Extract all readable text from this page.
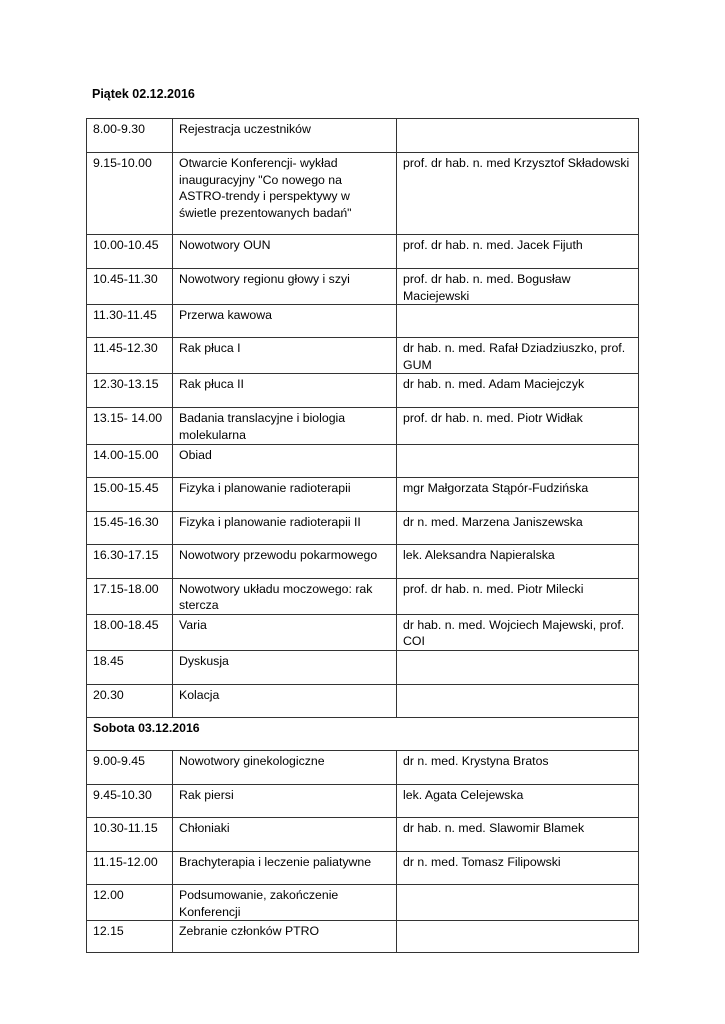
Piątek 02.12.2016
8.00-9.30	Rejestracja uczestników	
9.15-10.00	Otwarcie Konferencji- wykład inauguracyjny "Co nowego na ASTRO-trendy i perspektywy w świetle prezentowanych badań"	prof. dr hab. n. med Krzysztof Składowski
10.00-10.45	Nowotwory OUN	prof. dr hab. n. med. Jacek Fijuth
10.45-11.30	Nowotwory regionu głowy i szyi	prof. dr hab. n. med. Bogusław Maciejewski
11.30-11.45	Przerwa kawowa	
11.45-12.30	Rak płuca I	dr hab. n. med. Rafał Dziadziuszko, prof. GUM
12.30-13.15	Rak płuca II	dr hab. n. med. Adam Maciejczyk
13.15- 14.00	Badania translacyjne i biologia molekularna	prof. dr hab. n. med. Piotr Widłak
14.00-15.00	Obiad	
15.00-15.45	Fizyka i planowanie radioterapii	mgr Małgorzata Stąpór-Fudzińska
15.45-16.30	Fizyka i planowanie radioterapii II	dr n. med. Marzena Janiszewska
16.30-17.15	Nowotwory przewodu pokarmowego	lek. Aleksandra Napieralska
17.15-18.00	Nowotwory układu moczowego: rak stercza	prof. dr hab. n. med. Piotr Milecki
18.00-18.45	Varia	dr hab. n. med. Wojciech Majewski, prof. COI
18.45	Dyskusja	
20.30	Kolacja	
Sobota 03.12.2016		
9.00-9.45	Nowotwory ginekologiczne	dr n. med. Krystyna Bratos
9.45-10.30	Rak piersi	lek. Agata Celejewska
10.30-11.15	Chłoniaki	dr hab. n. med. Slawomir Blamek
11.15-12.00	Brachyterapia i leczenie paliatywne	dr n. med. Tomasz Filipowski
12.00	Podsumowanie, zakończenie Konferencji	
12.15	Zebranie członków PTRO	
